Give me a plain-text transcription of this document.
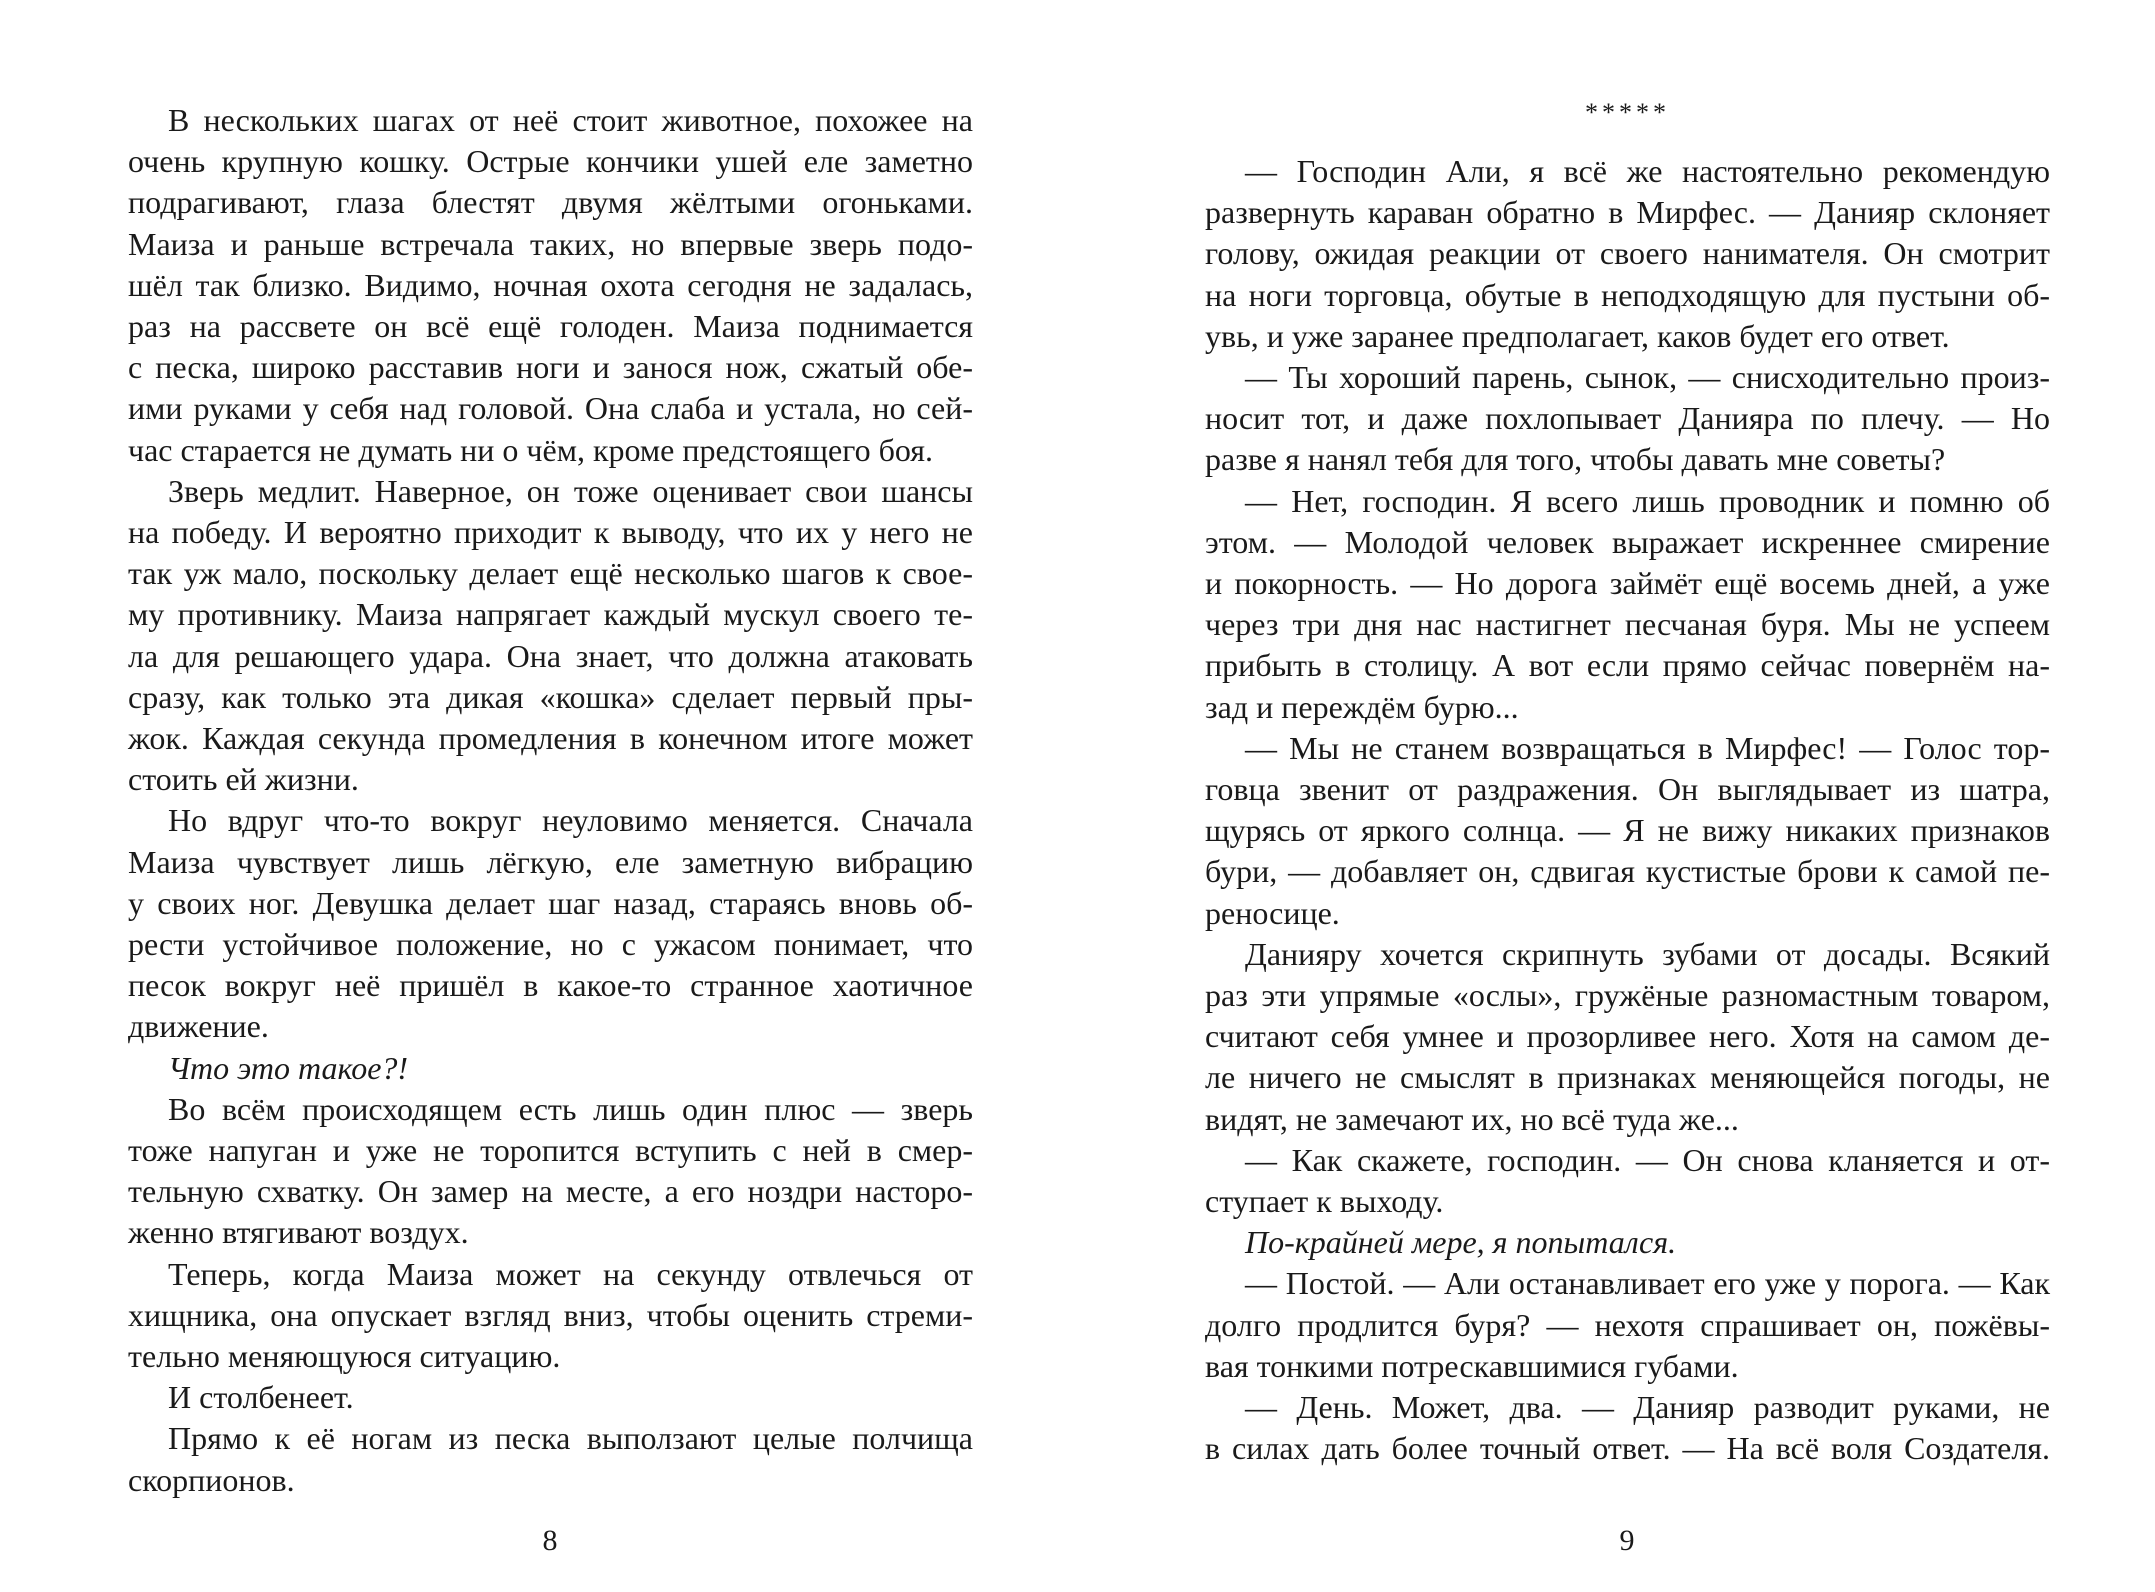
В нескольких шагах от неё стоит животное, похожее на
очень крупную кошку. Острые кончики ушей еле заметно
подрагивают, глаза блестят двумя жёлтыми огоньками.
Маиза и раньше встречала таких, но впервые зверь подо-
шёл так близко. Видимо, ночная охота сегодня не задалась,
раз на рассвете он всё ещё голоден. Маиза поднимается
с песка, широко расставив ноги и занося нож, сжатый обе-
ими руками у себя над головой. Она слаба и устала, но сей-
час старается не думать ни о чём, кроме предстоящего боя.
Зверь медлит. Наверное, он тоже оценивает свои шансы
на победу. И вероятно приходит к выводу, что их у него не
так уж мало, поскольку делает ещё несколько шагов к свое-
му противнику. Маиза напрягает каждый мускул своего те-
ла для решающего удара. Она знает, что должна атаковать
сразу, как только эта дикая «кошка» сделает первый пры-
жок. Каждая секунда промедления в конечном итоге может
стоить ей жизни.
Но вдруг что-то вокруг неуловимо меняется. Сначала
Маиза чувствует лишь лёгкую, еле заметную вибрацию
у своих ног. Девушка делает шаг назад, стараясь вновь об-
рести устойчивое положение, но с ужасом понимает, что
песок вокруг неё пришёл в какое-то странное хаотичное
движение.
Что это такое?!
Во всём происходящем есть лишь один плюс — зверь
тоже напуган и уже не торопится вступить с ней в смер-
тельную схватку. Он замер на месте, а его ноздри насторо-
женно втягивают воздух.
Теперь, когда Маиза может на секунду отвлечься от
хищника, она опускает взгляд вниз, чтобы оценить стреми-
тельно меняющуюся ситуацию.
И столбенеет.
Прямо к её ногам из песка выползают целые полчища
скорпионов.
8
*****
— Господин Али, я всё же настоятельно рекомендую
развернуть караван обратно в Мирфес. — Данияр склоняет
голову, ожидая реакции от своего нанимателя. Он смотрит
на ноги торговца, обутые в неподходящую для пустыни об-
увь, и уже заранее предполагает, каков будет его ответ.
— Ты хороший парень, сынок, — снисходительно произ-
носит тот, и даже похлопывает Данияра по плечу. — Но
разве я нанял тебя для того, чтобы давать мне советы?
— Нет, господин. Я всего лишь проводник и помню об
этом. — Молодой человек выражает искреннее смирение
и покорность. — Но дорога займёт ещё восемь дней, а уже
через три дня нас настигнет песчаная буря. Мы не успеем
прибыть в столицу. А вот если прямо сейчас повернём на-
зад и переждём бурю...
— Мы не станем возвращаться в Мирфес! — Голос тор-
говца звенит от раздражения. Он выглядывает из шатра,
щурясь от яркого солнца. — Я не вижу никаких признаков
бури, — добавляет он, сдвигая кустистые брови к самой пе-
реносице.
Данияру хочется скрипнуть зубами от досады. Всякий
раз эти упрямые «ослы», гружёные разномастным товаром,
считают себя умнее и прозорливее него. Хотя на самом де-
ле ничего не смыслят в признаках меняющейся погоды, не
видят, не замечают их, но всё туда же...
— Как скажете, господин. — Он снова кланяется и от-
ступает к выходу.
По-крайней мере, я попытался.
— Постой. — Али останавливает его уже у порога. — Как
долго продлится буря? — нехотя спрашивает он, пожёвы-
вая тонкими потрескавшимися губами.
— День. Может, два. — Данияр разводит руками, не
в силах дать более точный ответ. — На всё воля Создателя.
9
